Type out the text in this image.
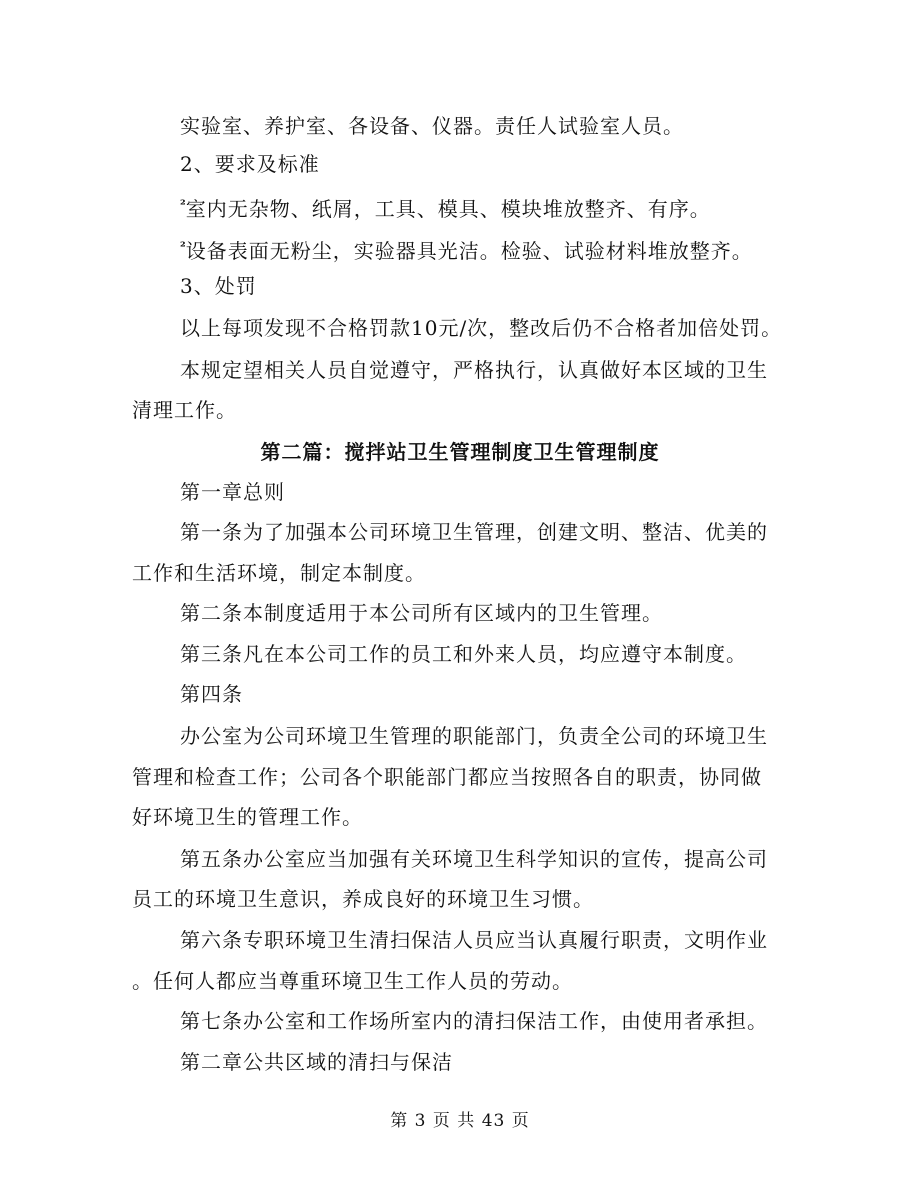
实验室、养护室、各设备、仪器。责任人试验室人员。
2、要求及标准
$^{^2}$室内无杂物、纸屑，工具、模具、模块堆放整齐、有序。
$^{^2}$设备表面无粉尘，实验器具光洁。检验、试验材料堆放整齐。
3、处罚
以上每项发现不合格罚款10元/次，整改后仍不合格者加倍处罚。
本规定望相关人员自觉遵守，严格执行，认真做好本区域的卫生
清理工作。
第二篇：搅拌站卫生管理制度卫生管理制度
第一章总则
第一条为了加强本公司环境卫生管理，创建文明、整洁、优美的
工作和生活环境，制定本制度。
第二条本制度适用于本公司所有区域内的卫生管理。
第三条凡在本公司工作的员工和外来人员，均应遵守本制度。
第四条
办公室为公司环境卫生管理的职能部门，负责全公司的环境卫生
管理和检查工作；公司各个职能部门都应当按照各自的职责，协同做
好环境卫生的管理工作。
第五条办公室应当加强有关环境卫生科学知识的宣传，提高公司
员工的环境卫生意识，养成良好的环境卫生习惯。
第六条专职环境卫生清扫保洁人员应当认真履行职责，文明作业
。任何人都应当尊重环境卫生工作人员的劳动。
第七条办公室和工作场所室内的清扫保洁工作，由使用者承担。
第二章公共区域的清扫与保洁
第 3 页 共 43 页
